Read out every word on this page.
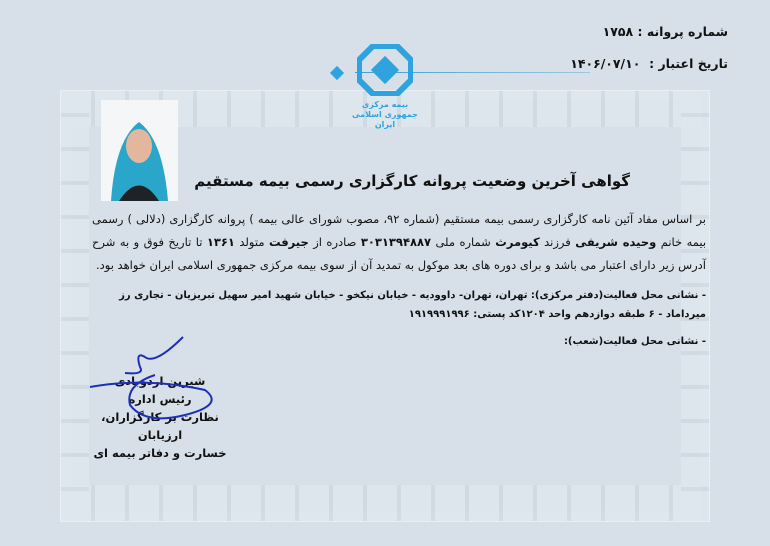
شماره پروانه : ۱۷۵۸
تاریخ اعتبار :  ۱۴۰۶/۰۷/۱۰
بیمه مرکزی
جمهوری اسلامی ایران
گواهی آخرین وضعیت پروانه کارگزاری رسمی بیمه مستقیم
بر اساس مفاد آئین نامه کارگزاری رسمی بیمه مستقیم (شماره ۹۲، مصوب شورای عالی بیمه ) پروانه کارگزاری (دلالی ) رسمی بیمه خانم وحیده شریفی فرزند کیومرث شماره ملی ۳۰۳۱۳۹۴۸۸۷ صادره از جیرفت متولد ۱۳۶۱ تا تاریخ فوق و به شرح آدرس زیر دارای اعتبار می باشد و برای دوره های بعد موکول به تمدید آن از سوی بیمه مرکزی جمهوری اسلامی ایران خواهد بود.
- نشانی محل فعالیت(دفتر مرکزی): تهران، تهران- داوودیه - خیابان نیکخو - خیابان شهید امیر سهیل تبریزیان - تجاری رز میرداماد - ۶ طبقه دوازدهم واحد ۱۲۰۴کد پستی: ۱۹۱۹۹۹۱۹۹۶
- نشانی محل فعالیت(شعب):
شیرین اردوبادی
رئیس اداره
نظارت بر کارگزاران، ارزیابان
خسارت و دفاتر بیمه ای
